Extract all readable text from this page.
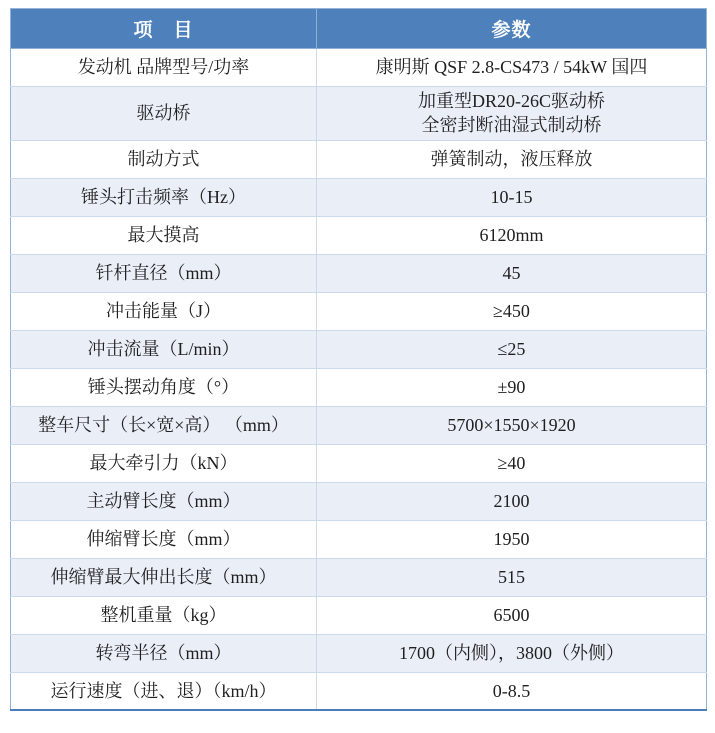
项　目	参数
发动机 品牌型号/功率	康明斯 QSF 2.8-CS473 / 54kW 国四

驱动桥	加重型DR20-26C驱动桥
全密封断油湿式制动桥

制动方式	弹簧制动，液压释放

锤头打击频率（Hz）	10-15

最大摸高	6120mm

钎杆直径（mm）	45

冲击能量（J）	≥450

冲击流量（L/min）	≤25

锤头摆动角度（°）	±90

整车尺寸（长×宽×高） （mm）	5700×1550×1920

最大牵引力（kN）	≥40

主动臂长度（mm）	2100

伸缩臂长度（mm）	1950

伸缩臂最大伸出长度（mm）	515

整机重量（kg）	6500

转弯半径（mm）	1700（内侧），3800（外侧）

运行速度（进、退）（km/h）	0-8.5
